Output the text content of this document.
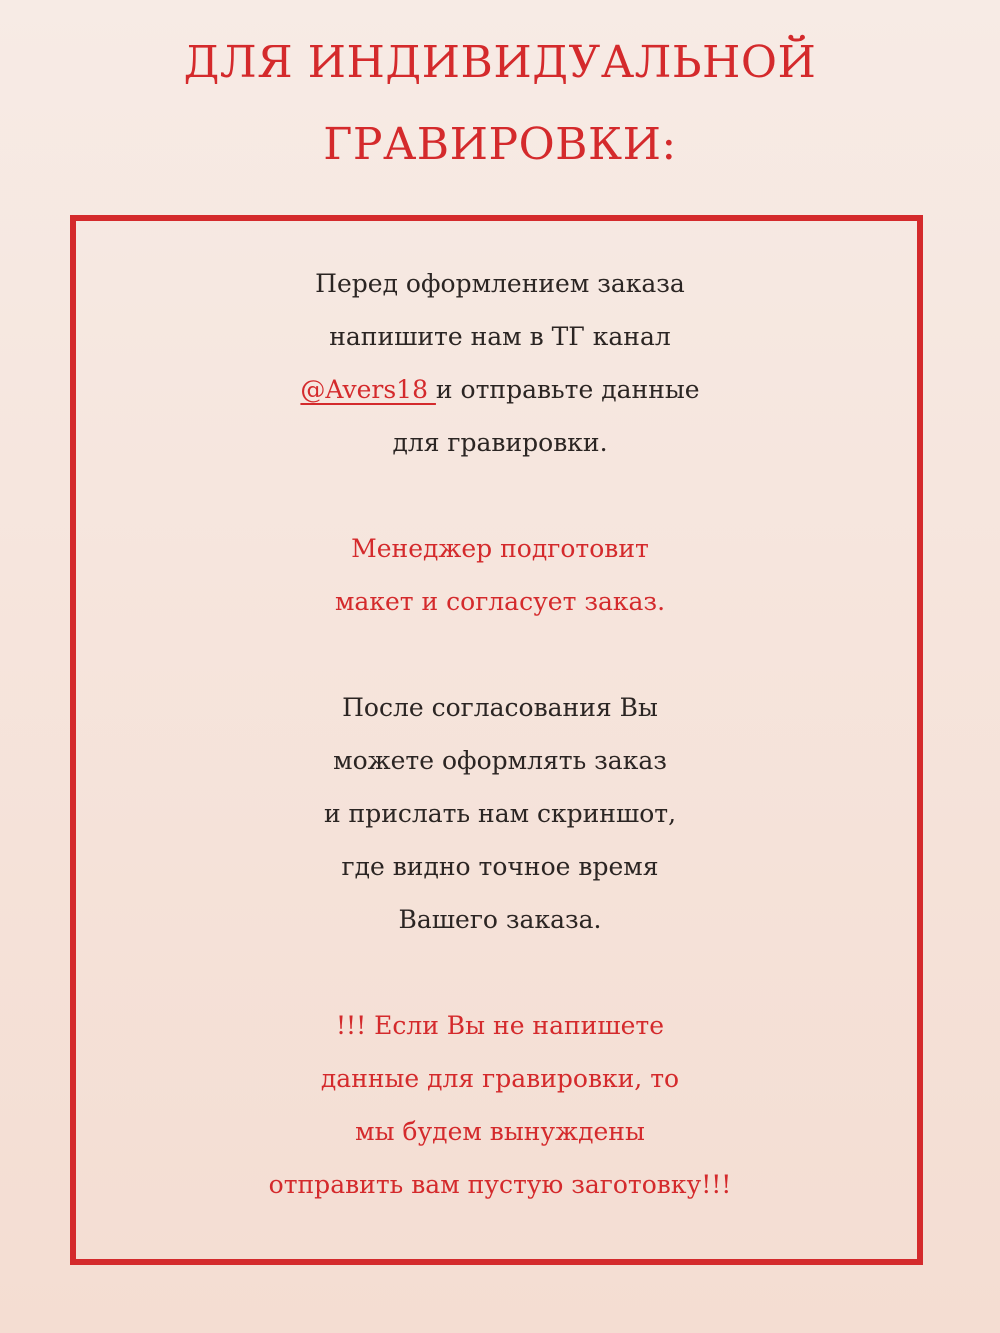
ДЛЯ ИНДИВИДУАЛЬНОЙ
ГРАВИРОВКИ:
Перед оформлением заказа
напишите нам в ТГ канал
@Avers18 и отправьте данные
для гравировки.
Менеджер подготовит
макет и согласует заказ.
После согласования Вы
можете оформлять заказ
и прислать нам скриншот,
где видно точное время
Вашего заказа.
!!! Если Вы не напишете
данные для гравировки, то
мы будем вынуждены
отправить вам пустую заготовку!!!
